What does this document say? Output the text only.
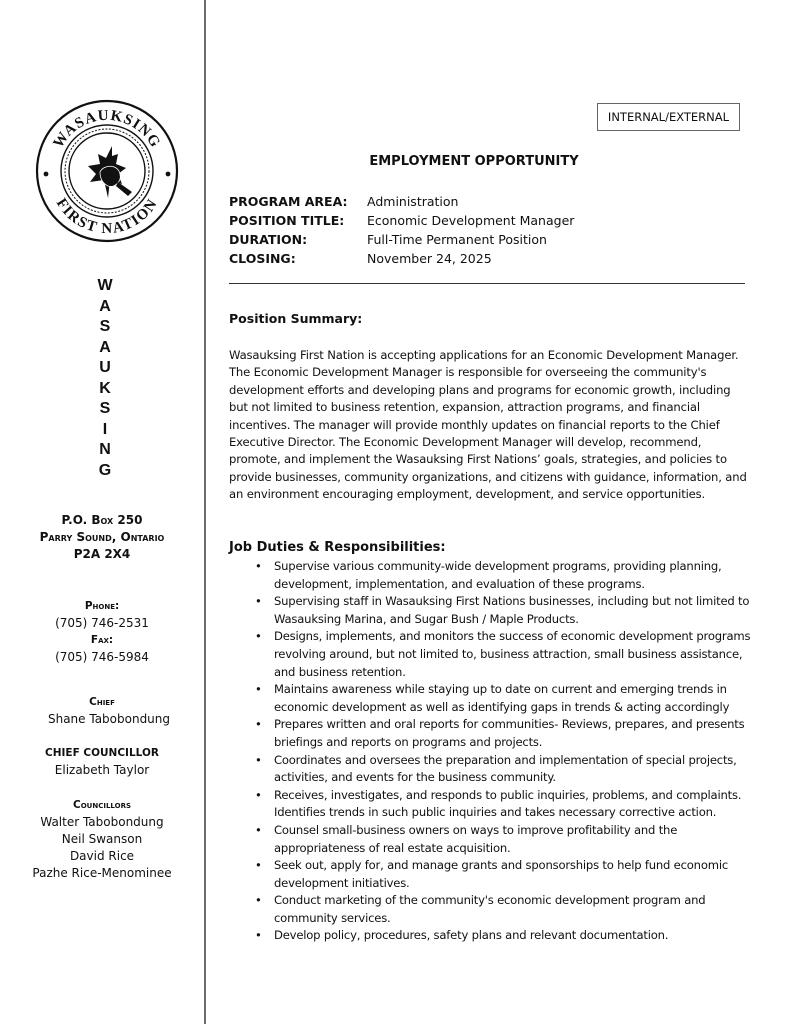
WASAUKSING
FIRST NATION
W
A
S
A
U
K
S
I
N
G
P.O. Box 250
Parry Sound, Ontario
P2A 2X4
Phone:
(705) 746-2531
Fax:
(705) 746-5984
Chief
Shane Tabobondung
CHIEF COUNCILLOR
Elizabeth Taylor
Councillors
Walter Tabobondung
Neil Swanson
David Rice
Pazhe Rice-Menominee
INTERNAL/EXTERNAL
EMPLOYMENT OPPORTUNITY
PROGRAM AREA:	Administration
POSITION TITLE:	Economic Development Manager
DURATION:	Full-Time Permanent Position
CLOSING:	November 24, 2025
Position Summary:
Wasauksing First Nation is accepting applications for an Economic Development Manager. The Economic Development Manager is responsible for overseeing the community's development efforts and developing plans and programs for economic growth, including but not limited to business retention, expansion, attraction programs, and financial incentives. The manager will provide monthly updates on financial reports to the Chief Executive Director. The Economic Development Manager will develop, recommend, promote, and implement the Wasauksing First Nations’ goals, strategies, and policies to provide businesses, community organizations, and citizens with guidance, information, and an environment encouraging employment, development, and service opportunities.
Job Duties & Responsibilities:
• Supervise various community-wide development programs, providing planning, development, implementation, and evaluation of these programs.
• Supervising staff in Wasauksing First Nations businesses, including but not limited to Wasauksing Marina, and Sugar Bush / Maple Products.
• Designs, implements, and monitors the success of economic development programs revolving around, but not limited to, business attraction, small business assistance, and business retention.
• Maintains awareness while staying up to date on current and emerging trends in economic development as well as identifying gaps in trends & acting accordingly
• Prepares written and oral reports for communities- Reviews, prepares, and presents briefings and reports on programs and projects.
• Coordinates and oversees the preparation and implementation of special projects, activities, and events for the business community.
• Receives, investigates, and responds to public inquiries, problems, and complaints. Identifies trends in such public inquiries and takes necessary corrective action.
• Counsel small-business owners on ways to improve profitability and the appropriateness of real estate acquisition.
• Seek out, apply for, and manage grants and sponsorships to help fund economic development initiatives.
• Conduct marketing of the community's economic development program and community services.
• Develop policy, procedures, safety plans and relevant documentation.
